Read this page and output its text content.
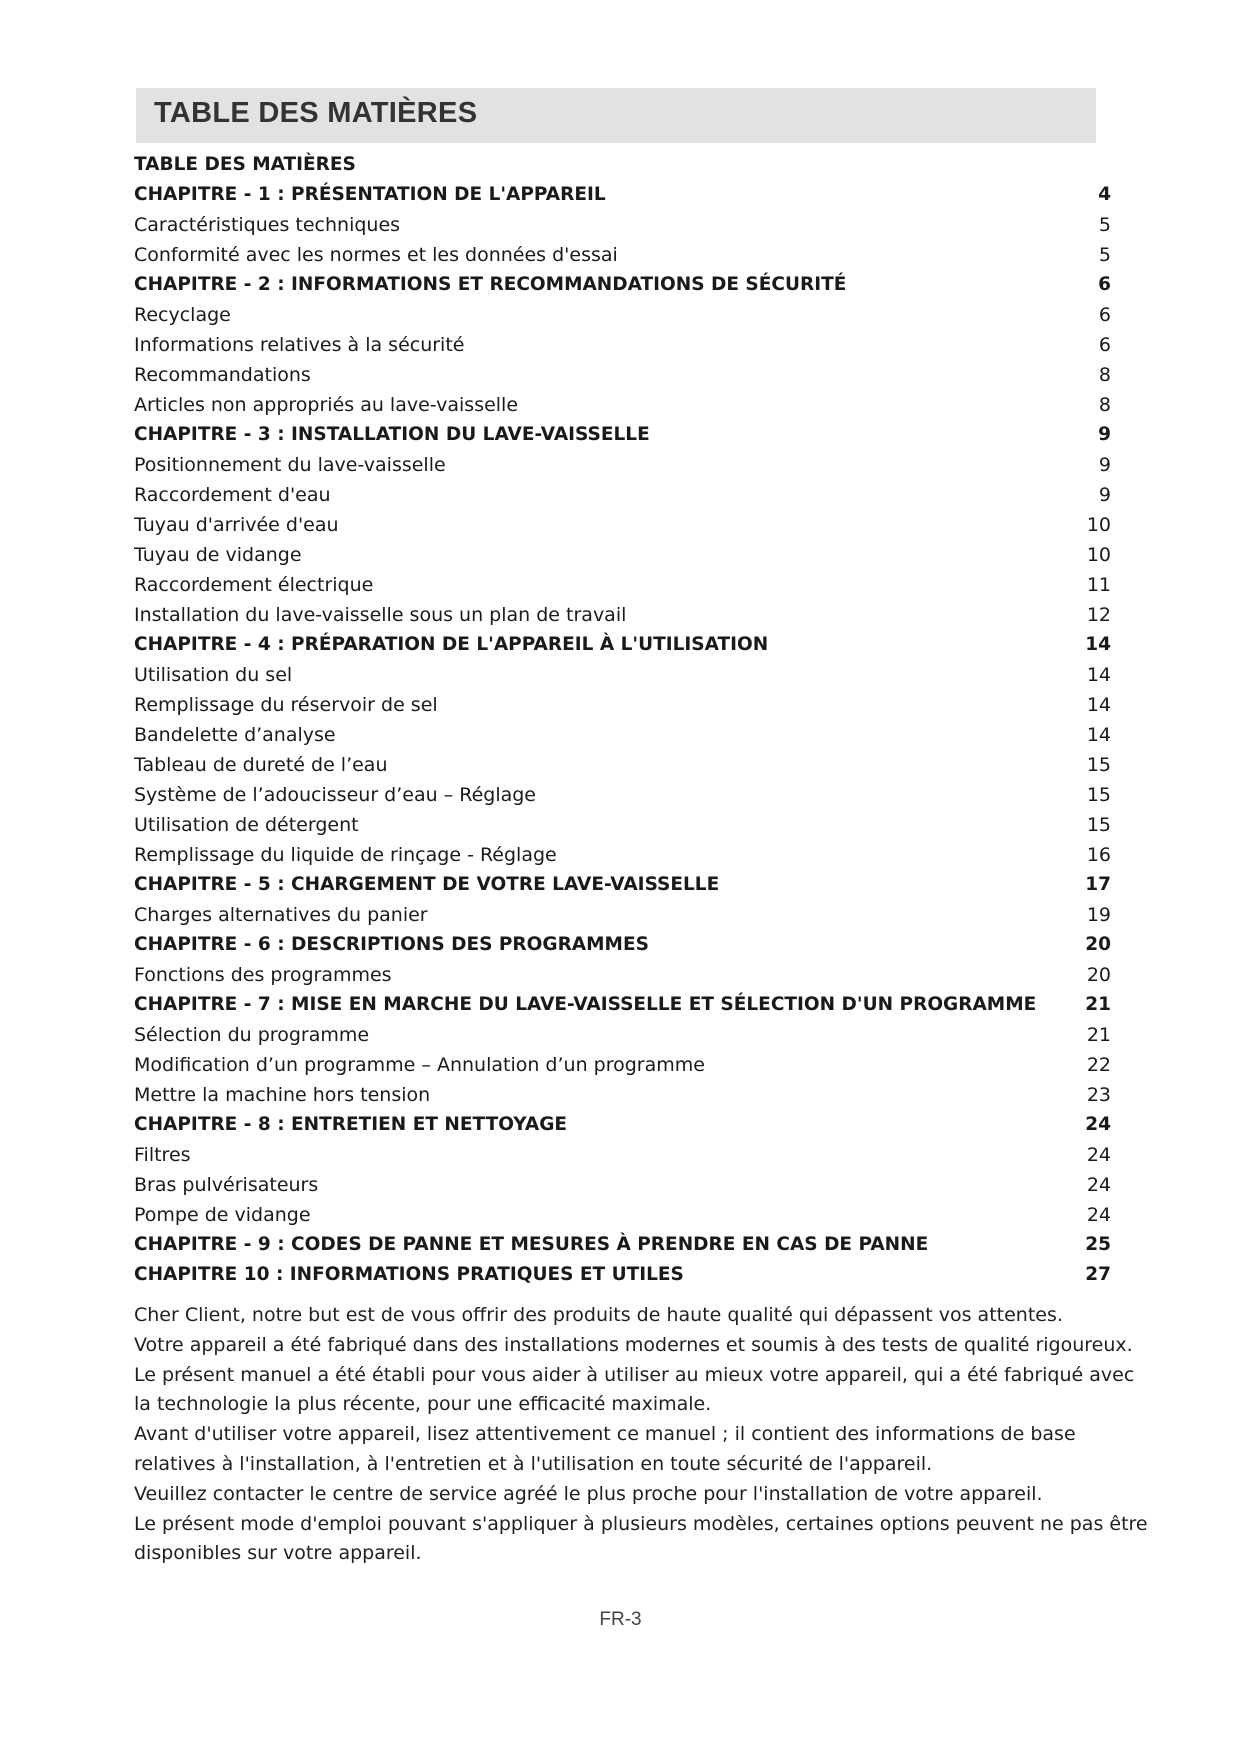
TABLE DES MATIÈRES
TABLE DES MATIÈRES
CHAPITRE - 1 : PRÉSENTATION DE L'APPAREIL	4
Caractéristiques techniques	5
Conformité avec les normes et les données d'essai	5
CHAPITRE - 2 : INFORMATIONS ET RECOMMANDATIONS DE SÉCURITÉ	6
Recyclage	6
Informations relatives à la sécurité	6
Recommandations	8
Articles non appropriés au lave-vaisselle	8
CHAPITRE - 3 : INSTALLATION DU LAVE-VAISSELLE	9
Positionnement du lave-vaisselle	9
Raccordement d'eau	9
Tuyau d'arrivée d'eau	10
Tuyau de vidange	10
Raccordement électrique	11
Installation du lave-vaisselle sous un plan de travail	12
CHAPITRE - 4 : PRÉPARATION DE L'APPAREIL À L'UTILISATION	14
Utilisation du sel	14
Remplissage du réservoir de sel	14
Bandelette d’analyse	14
Tableau de dureté de l’eau	15
Système de l’adoucisseur d’eau – Réglage	15
Utilisation de détergent	15
Remplissage du liquide de rinçage - Réglage	16
CHAPITRE - 5 : CHARGEMENT DE VOTRE LAVE-VAISSELLE	17
Charges alternatives du panier	19
CHAPITRE - 6 : DESCRIPTIONS DES PROGRAMMES	20
Fonctions des programmes	20
CHAPITRE - 7 : MISE EN MARCHE DU LAVE-VAISSELLE ET SÉLECTION D'UN PROGRAMME	21
Sélection du programme	21
Modification d’un programme – Annulation d’un programme	22
Mettre la machine hors tension	23
CHAPITRE - 8 : ENTRETIEN ET NETTOYAGE	24
Filtres	24
Bras pulvérisateurs	24
Pompe de vidange	24
CHAPITRE - 9 : CODES DE PANNE ET MESURES À PRENDRE EN CAS DE PANNE	25
CHAPITRE 10 : INFORMATIONS PRATIQUES ET UTILES	27

Cher Client, notre but est de vous offrir des produits de haute qualité qui dépassent vos attentes.

Votre appareil a été fabriqué dans des installations modernes et soumis à des tests de qualité rigoureux.

Le présent manuel a été établi pour vous aider à utiliser au mieux votre appareil, qui a été fabriqué avec la technologie la plus récente, pour une efficacité maximale.

Avant d'utiliser votre appareil, lisez attentivement ce manuel ; il contient des informations de base relatives à l'installation, à l'entretien et à l'utilisation en toute sécurité de l'appareil.

Veuillez contacter le centre de service agréé le plus proche pour l'installation de votre appareil.

Le présent mode d'emploi pouvant s'appliquer à plusieurs modèles, certaines options peuvent ne pas être disponibles sur votre appareil.

FR-3
